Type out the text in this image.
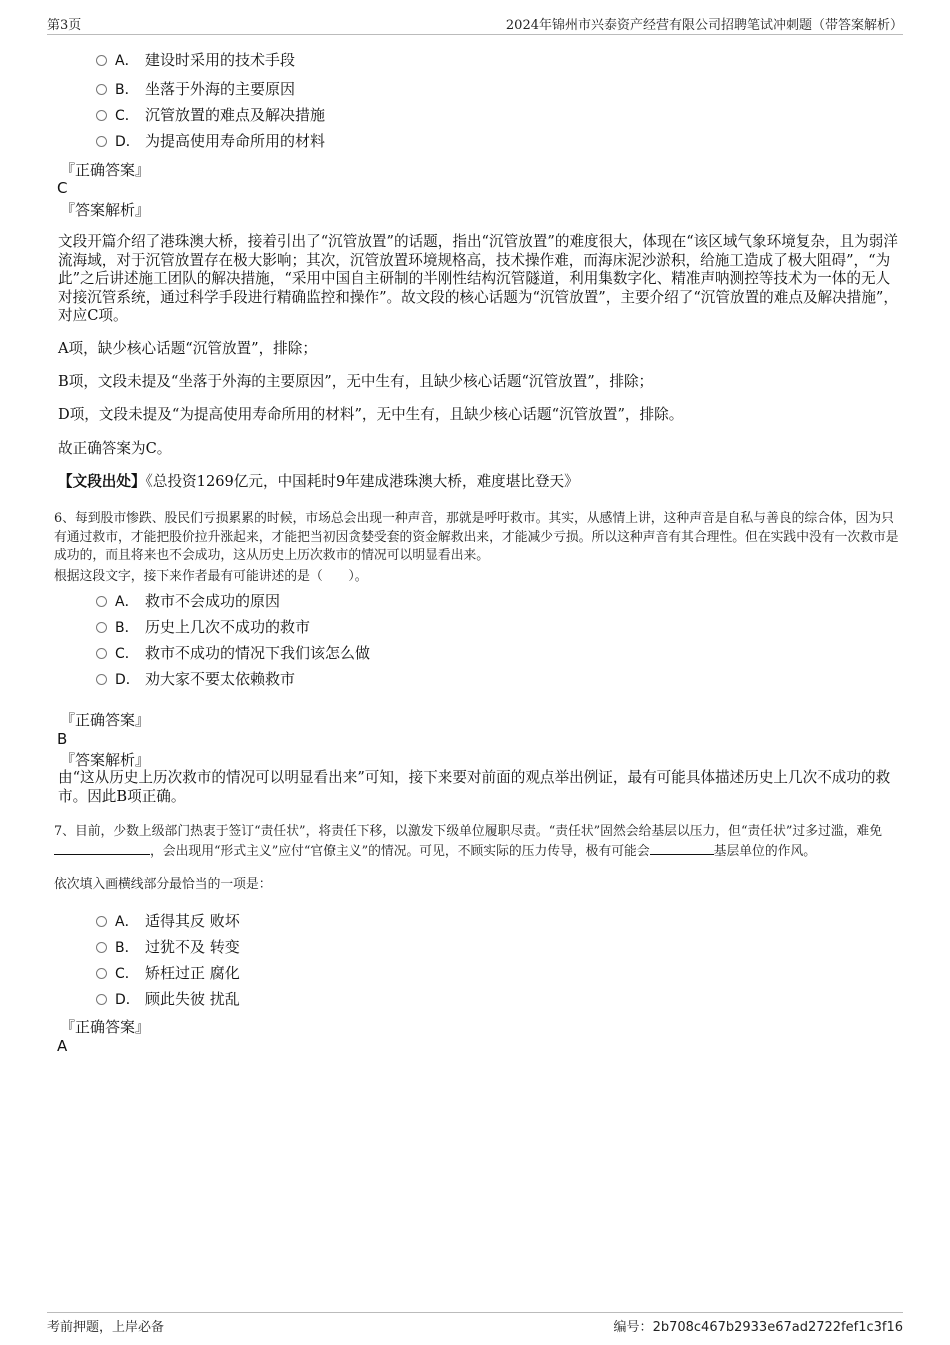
第3页	2024年锦州市兴泰资产经营有限公司招聘笔试冲刺题（带答案解析）
A． 建设时采用的技术手段
B． 坐落于外海的主要原因
C． 沉管放置的难点及解决措施
D． 为提高使用寿命所用的材料
『正确答案』
C
『答案解析』
文段开篇介绍了港珠澳大桥，接着引出了“沉管放置”的话题，指出“沉管放置”的难度很大，体现在“该区域气象环境复杂，且为弱洋流海域，对于沉管放置存在极大影响；其次，沉管放置环境规格高，技术操作难，而海床泥沙淤积，给施工造成了极大阻碍”，“为此”之后讲述施工团队的解决措施，“采用中国自主研制的半刚性结构沉管隧道，利用集数字化、精准声呐测控等技术为一体的无人对接沉管系统，通过科学手段进行精确监控和操作”。故文段的核心话题为“沉管放置”，主要介绍了“沉管放置的难点及解决措施”，对应C项。
A项，缺少核心话题“沉管放置”，排除；
B项，文段未提及“坐落于外海的主要原因”，无中生有，且缺少核心话题“沉管放置”，排除；
D项，文段未提及“为提高使用寿命所用的材料”，无中生有，且缺少核心话题“沉管放置”，排除。
故正确答案为C。
【文段出处】《总投资1269亿元，中国耗时9年建成港珠澳大桥，难度堪比登天》
6、每到股市惨跌、股民们亏损累累的时候，市场总会出现一种声音，那就是呼吁救市。其实，从感情上讲，这种声音是自私与善良的综合体，因为只有通过救市，才能把股价拉升涨起来，才能把当初因贪婪受套的资金解救出来，才能减少亏损。所以这种声音有其合理性。但在实践中没有一次救市是成功的，而且将来也不会成功，这从历史上历次救市的情况可以明显看出来。
根据这段文字，接下来作者最有可能讲述的是（　　）。
A． 救市不会成功的原因
B． 历史上几次不成功的救市
C． 救市不成功的情况下我们该怎么做
D． 劝大家不要太依赖救市
『正确答案』
B
『答案解析』
由“这从历史上历次救市的情况可以明显看出来”可知，接下来要对前面的观点举出例证，最有可能具体描述历史上几次不成功的救市。因此B项正确。
7、目前，少数上级部门热衷于签订“责任状”，将责任下移，以激发下级单位履职尽责。“责任状”固然会给基层以压力，但“责任状”过多过滥，难免，会出现用“形式主义”应付“官僚主义”的情况。可见，不顾实际的压力传导，极有可能会	基层单位的作风。
依次填入画横线部分最恰当的一项是：
A． 适得其反 败坏
B． 过犹不及 转变
C． 矫枉过正 腐化
D． 顾此失彼 扰乱
『正确答案』
A
考前押题，上岸必备	编号：2b708c467b2933e67ad2722fef1c3f16
